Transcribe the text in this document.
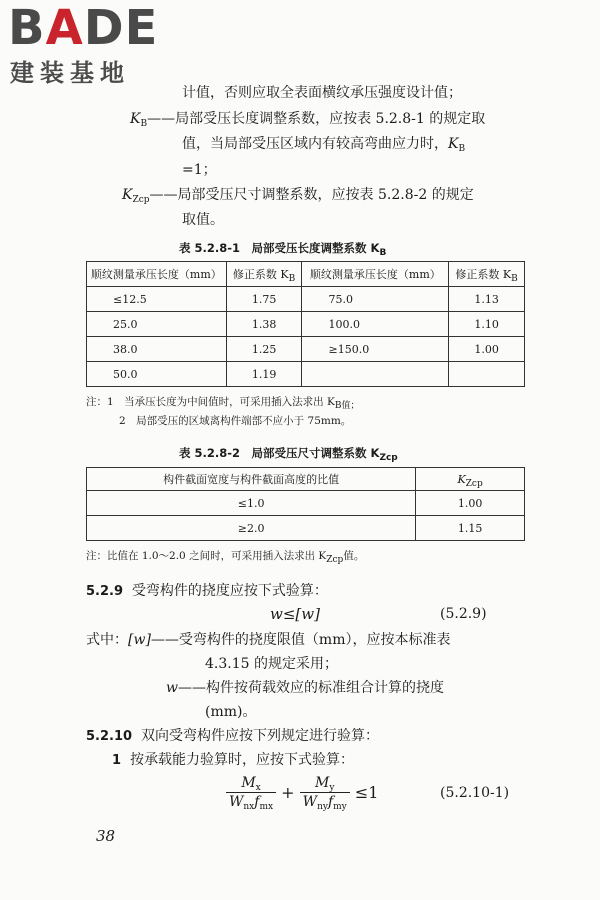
BADE
建装基地
计值，否则应取全表面横纹承压强度设计值；
$K_B——$局部受压长度调整系数，应按表 5.2.8-1 的规定取
值，当局部受压区域内有较高弯曲应力时，$K_B$
=1；
$K_{Zcp}——$局部受压尺寸调整系数，应按表 5.2.8-2 的规定
取值。
表 5.2.8-1　局部受压长度调整系数 $K_B$
顺纹测量承压长度（mm）	修正系数 $K_B$	顺纹测量承压长度（mm）	修正系数 $K_B$
≤12.5	1.75	75.0	1.13
25.0	1.38	100.0	1.10
38.0	1.25	≥150.0	1.00
50.0	1.19		
注：1　当承压长度为中间值时，可采用插入法求出 $K_{B值;}$
2　局部受压的区域离构件端部不应小于 75mm。
表 5.2.8-2　局部受压尺寸调整系数 $K_{Zcp}$
构件截面宽度与构件截面高度的比值	$K_{Zcp}$
≤1.0	1.00
≥2.0	1.15
注：比值在 1.0～2.0 之间时，可采用插入法求出 $K_{Zcp}$值。
5.2.9 受弯构件的挠度应按下式验算：
w≤[w]	(5.2.9)
式中：[w]——受弯构件的挠度限值（mm），应按本标准表
4.3.15 的规定采用；
w——构件按荷载效应的标准组合计算的挠度
(mm)。
5.2.10 双向受弯构件应按下列规定进行验算：
1 按承载能力验算时，应按下式验算：
$\frac{M_x}{W_{nx}f_{mx}} + \frac{M_y}{W_{ny}f_{my}} \le 1$	(5.2.10-1)
38
